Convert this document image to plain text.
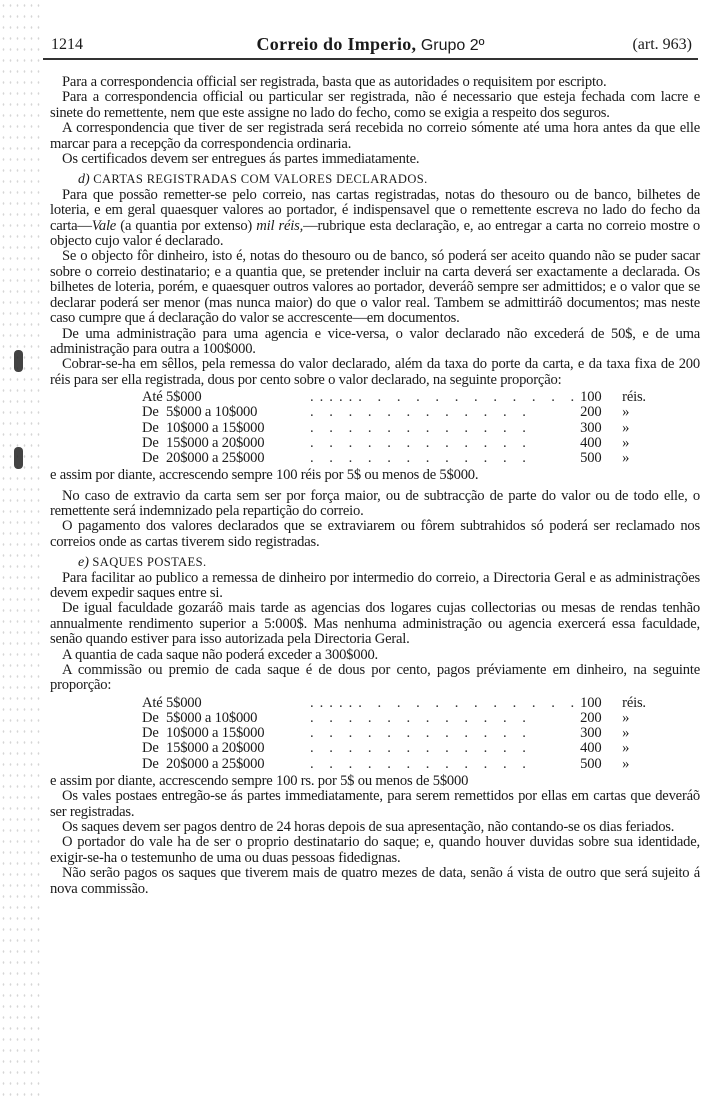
1214	Correio do Imperio, Grupo 2º	(art. 963)

Para a correspondencia official ser registrada, basta que as autoridades o requisitem por escripto.

Para a correspondencia official ou particular ser registrada, não é necessario que esteja fechada com lacre e sinete do remettente, nem que este assigne no lado do fecho, como se exigia a respeito dos seguros.

A correspondencia que tiver de ser registrada será recebida no correio sómente até uma hora antes da que elle marcar para a recepção da correspondencia ordinaria.

Os certificados devem ser entregues ás partes immediatamente.

d) CARTAS REGISTRADAS COM VALORES DECLARADOS.

Para que possão remetter-se pelo correio, nas cartas registradas, notas do thesouro ou de banco, bilhetes de loteria, e em geral quaesquer valores ao portador, é indispensavel que o remettente escreva no lado do fecho da carta—Vale (a quantia por extenso) mil réis,—rubrique esta declaração, e, ao entregar a carta no correio mostre o objecto cujo valor é declarado.

Se o objecto fôr dinheiro, isto é, notas do thesouro ou de banco, só poderá ser aceito quando não se puder sacar sobre o correio destinatario; e a quantia que, se pretender incluir na carta deverá ser exactamente a declarada. Os bilhetes de loteria, porém, e quaesquer outros valores ao portador, deveráõ sempre ser admittidos; e o valor que se declarar poderá ser menor (mas nunca maior) do que o valor real. Tambem se admittiráõ documentos; mas neste caso cumpre que á declaração do valor se accrescente—em documentos.

De uma administração para uma agencia e vice-versa, o valor declarado não excederá de 50$, e de uma administração para outra a 100$000.

Cobrar-se-ha em sêllos, pela remessa do valor declarado, além da taxa do porte da carta, e da taxa fixa de 200 réis para ser ella registrada, dous por cento sobre o valor declarado, na seguinte proporção:

Até	5$000	...... . . . . . . . . . . .	100	réis.
De	5$000 a 10$000	. . . . . . . . . . . .	200	»
De	10$000 a 15$000	. . . . . . . . . . . .	300	»
De	15$000 a 20$000	. . . . . . . . . . . .	400	»
De	20$000 a 25$000	. . . . . . . . . . . .	500	»

e assim por diante, accrescendo sempre 100 réis por 5$ ou menos de 5$000.

No caso de extravio da carta sem ser por força maior, ou de subtracção de parte do valor ou de todo elle, o remettente será indemnizado pela repartição do correio.

O pagamento dos valores declarados que se extraviarem ou fôrem subtrahidos só poderá ser reclamado nos correios onde as cartas tiverem sido registradas.

e) SAQUES POSTAES.

Para facilitar ao publico a remessa de dinheiro por intermedio do correio, a Directoria Geral e as administrações devem expedir saques entre si.

De igual faculdade gozaráõ mais tarde as agencias dos logares cujas collectorias ou mesas de rendas tenhão annualmente rendimento superior a 5:000$. Mas nenhuma administração ou agencia exercerá essa faculdade, senão quando estiver para isso autorizada pela Directoria Geral.

A quantia de cada saque não poderá exceder a 300$000.

A commissão ou premio de cada saque é de dous por cento, pagos préviamente em dinheiro, na seguinte proporção:

Até	5$000	...... . . . . . . . . . . .	100	réis.
De	5$000 a 10$000	. . . . . . . . . . . .	200	»
De	10$000 a 15$000	. . . . . . . . . . . .	300	»
De	15$000 a 20$000	. . . . . . . . . . . .	400	»
De	20$000 a 25$000	. . . . . . . . . . . .	500	»

e assim por diante, accrescendo sempre 100 rs. por 5$ ou menos de 5$000

Os vales postaes entregão-se ás partes immediatamente, para serem remettidos por ellas em cartas que deveráõ ser registradas.

Os saques devem ser pagos dentro de 24 horas depois de sua apresentação, não contando-se os dias feriados.

O portador do vale ha de ser o proprio destinatario do saque; e, quando houver duvidas sobre sua identidade, exigir-se-ha o testemunho de uma ou duas pessoas fidedignas.

Não serão pagos os saques que tiverem mais de quatro mezes de data, senão á vista de outro que será sujeito á nova commissão.
